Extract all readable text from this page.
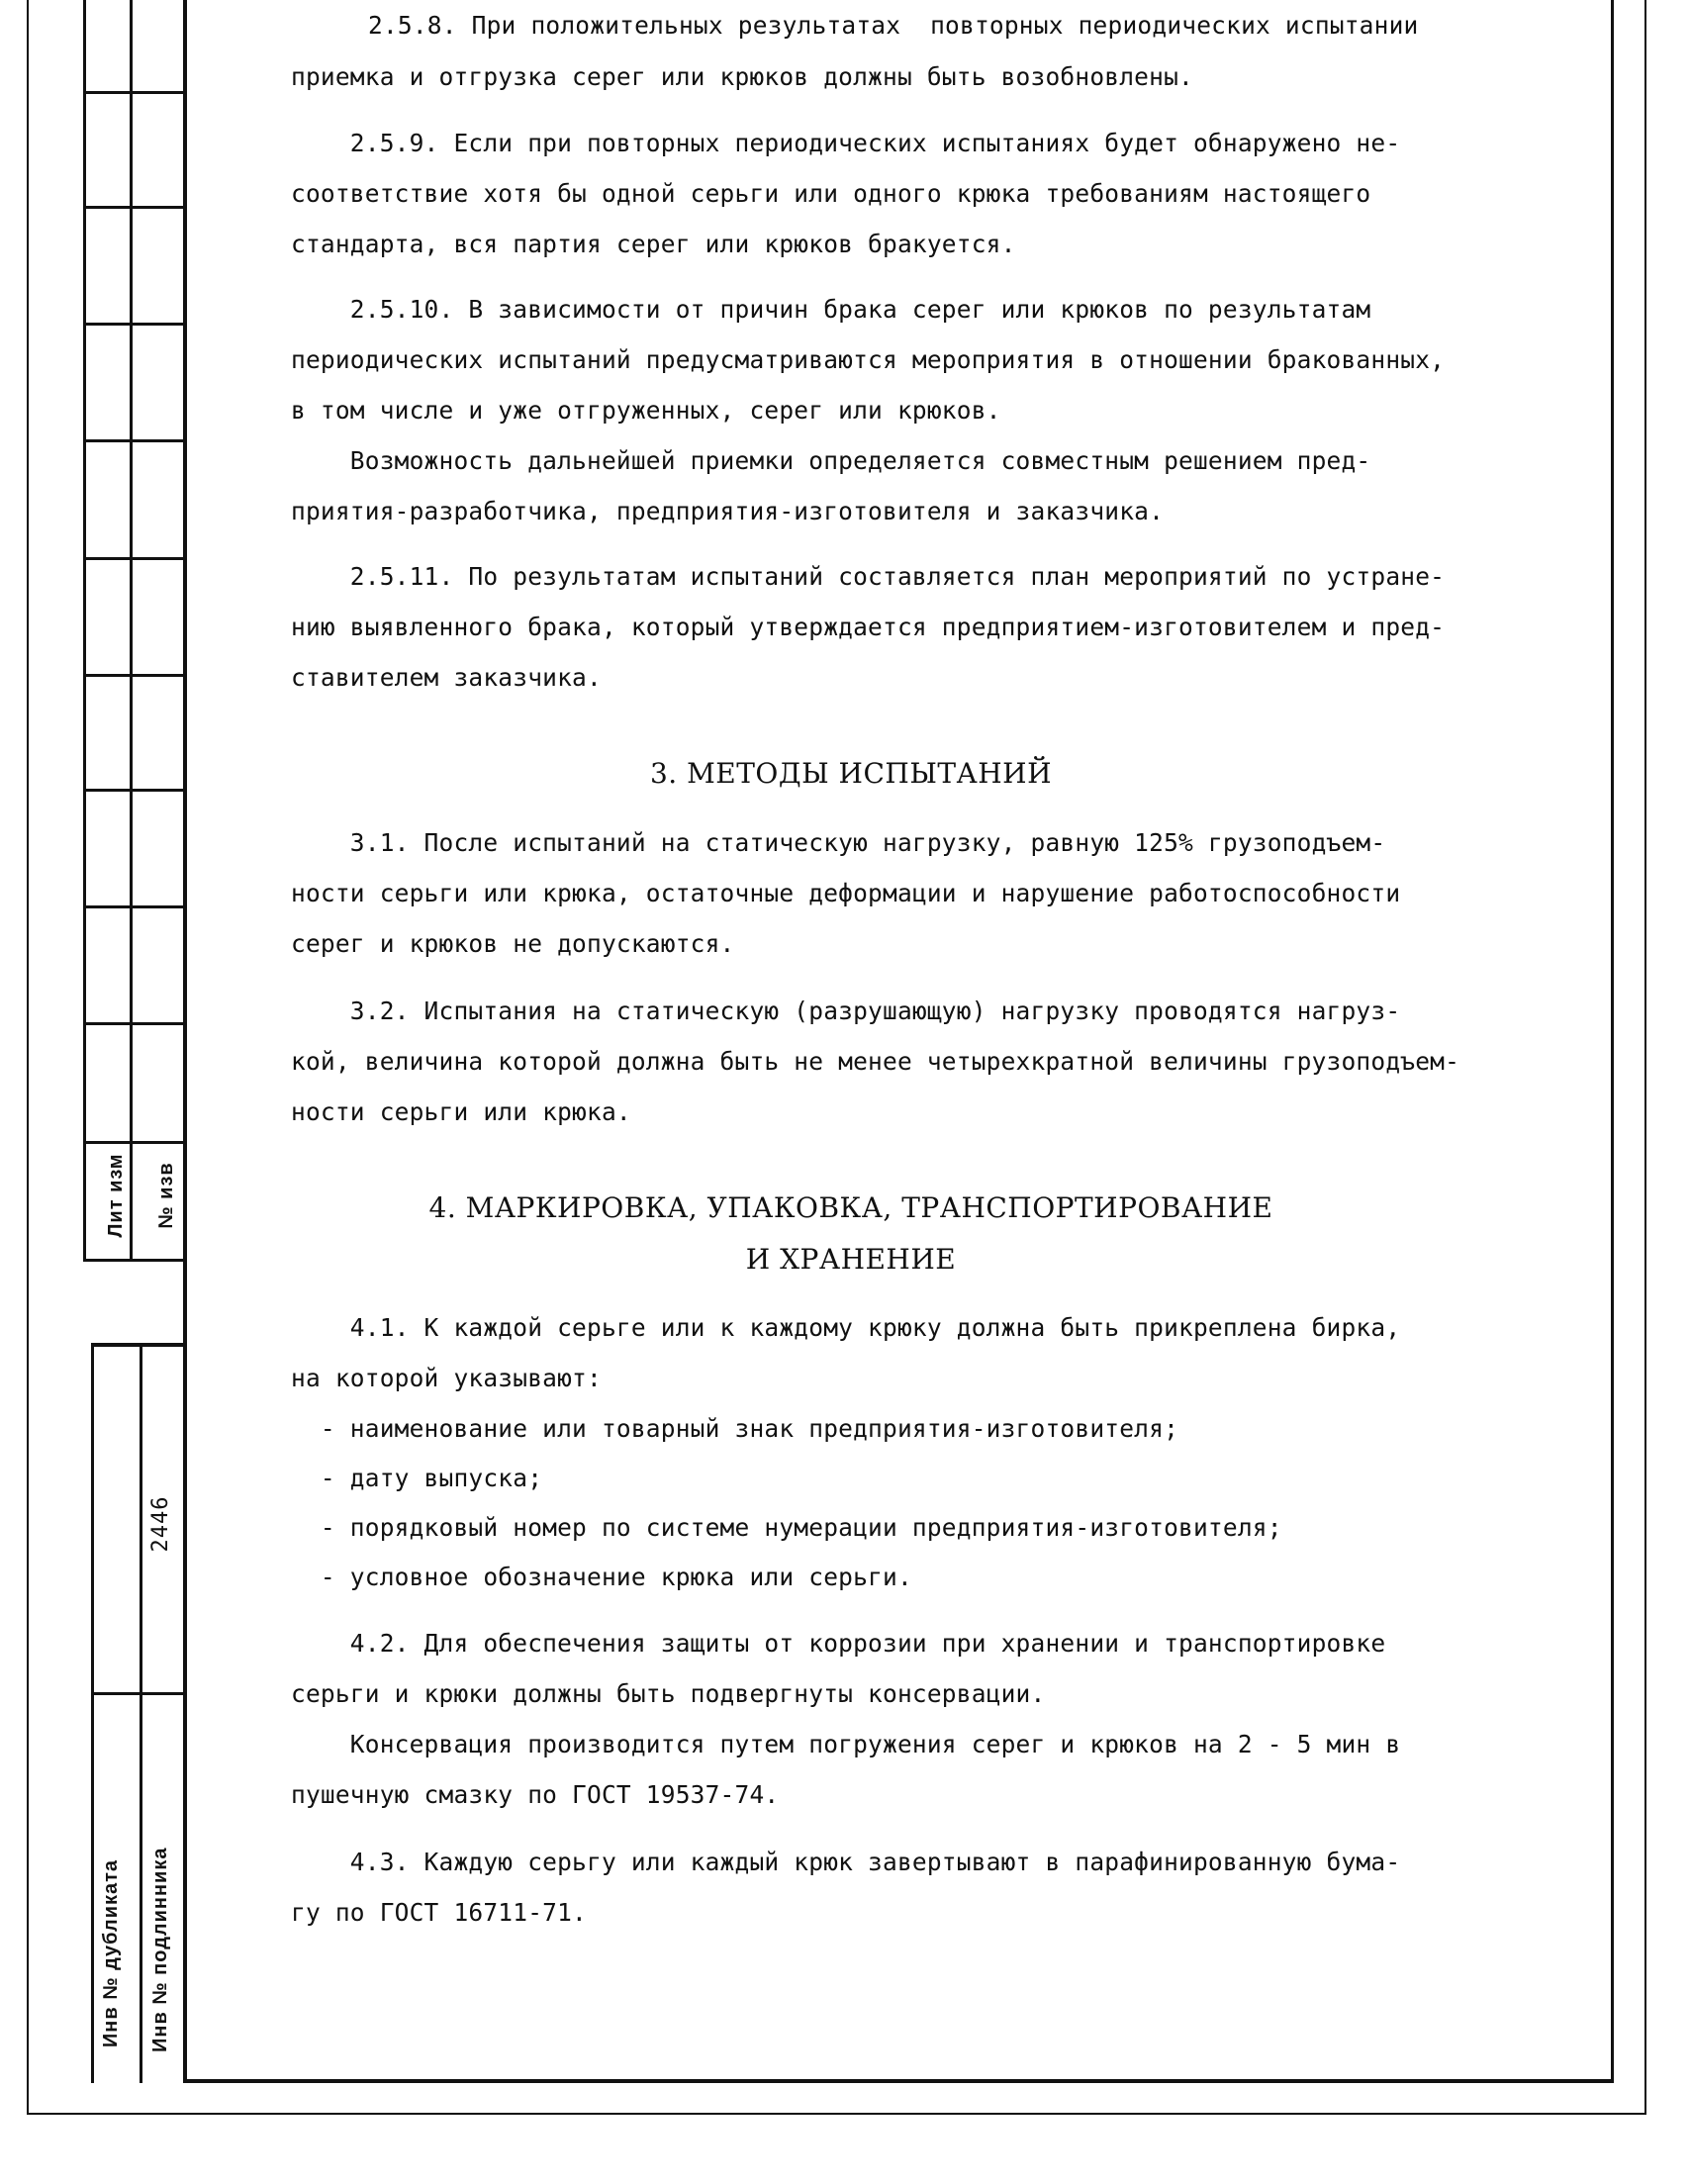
Лит изм № изв
2446
Инв № дубликата Инв № подлинника
2.5.8. При положительных результатах  повторных периодических испытании
приемка и отгрузка серег или крюков должны быть возобновлены.
2.5.9. Если при повторных периодических испытаниях будет обнаружено не-
соответствие хотя бы одной серьги или одного крюка требованиям настоящего
стандарта, вся партия серег или крюков бракуется.
2.5.10. В зависимости от причин брака серег или крюков по результатам
периодических испытаний предусматриваются мероприятия в отношении бракованных,
в том числе и уже отгруженных, серег или крюков.
Возможность дальнейшей приемки определяется совместным решением пред-
приятия-разработчика, предприятия-изготовителя и заказчика.
2.5.11. По результатам испытаний составляется план мероприятий по устране-
нию выявленного брака, который утверждается предприятием-изготовителем и пред-
ставителем заказчика.
3. МЕТОДЫ ИСПЫТАНИЙ
3.1. После испытаний на статическую нагрузку, равную 125% грузоподъем-
ности серьги или крюка, остаточные деформации и нарушение работоспособности
серег и крюков не допускаются.
3.2. Испытания на статическую (разрушающую) нагрузку проводятся нагруз-
кой, величина которой должна быть не менее четырехкратной величины грузоподъем-
ности серьги или крюка.
4. МАРКИРОВКА, УПАКОВКА, ТРАНСПОРТИРОВАНИЕ
И ХРАНЕНИЕ
4.1. К каждой серьге или к каждому крюку должна быть прикреплена бирка,
на которой указывают:
- наименование или товарный знак предприятия-изготовителя;
- дату выпуска;
- порядковый номер по системе нумерации предприятия-изготовителя;
- условное обозначение крюка или серьги.
4.2. Для обеспечения защиты от коррозии при хранении и транспортировке
серьги и крюки должны быть подвергнуты консервации.
Консервация производится путем погружения серег и крюков на 2 - 5 мин в
пушечную смазку по ГОСТ 19537-74.
4.3. Каждую серьгу или каждый крюк завертывают в парафинированную бума-
гу по ГОСТ 16711-71.
